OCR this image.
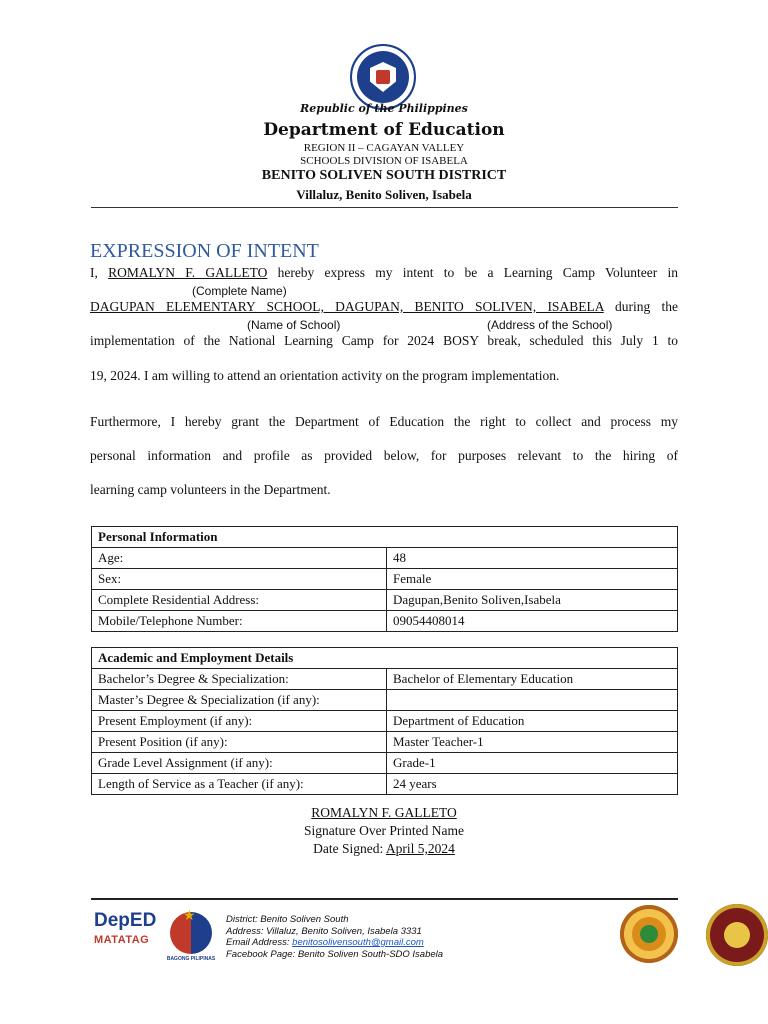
Republic of the Philippines
Department of Education
REGION II – CAGAYAN VALLEY
SCHOOLS DIVISION OF ISABELA
BENITO SOLIVEN SOUTH DISTRICT
Villaluz, Benito Soliven, Isabela
EXPRESSION OF INTENT
I, ROMALYN F. GALLETO hereby express my intent to be a Learning Camp Volunteer in
(Complete Name)
DAGUPAN ELEMENTARY SCHOOL, DAGUPAN, BENITO SOLIVEN, ISABELA during the
(Name of School)	(Address of the School)
implementation of the National Learning Camp for 2024 BOSY break, scheduled this July 1 to
19, 2024. I am willing to attend an orientation activity on the program implementation.
Furthermore, I hereby grant the Department of Education the right to collect and process my
personal information and profile as provided below, for purposes relevant to the hiring of
learning camp volunteers in the Department.
Personal Information	
Age:	48
Sex:	Female
Complete Residential Address:	Dagupan,Benito Soliven,Isabela
Mobile/Telephone Number:	09054408014
Academic and Employment Details	
Bachelor’s Degree & Specialization:	Bachelor of Elementary Education
Master’s Degree & Specialization (if any):	
Present Employment (if any):	Department of Education
Present Position (if any):	Master Teacher-1
Grade Level Assignment (if any):	Grade-1
Length of Service as a Teacher (if any):	24 years
ROMALYN F. GALLETO
Signature Over Printed Name
Date Signed: April 5,2024
DepED
MATATAG
★
BAGONG PILIPINAS
District: Benito Soliven South
Address: Villaluz, Benito Soliven, Isabela 3331
Email Address: benitosolivensouth@gmail.com
Facebook Page: Benito Soliven South-SDO Isabela
